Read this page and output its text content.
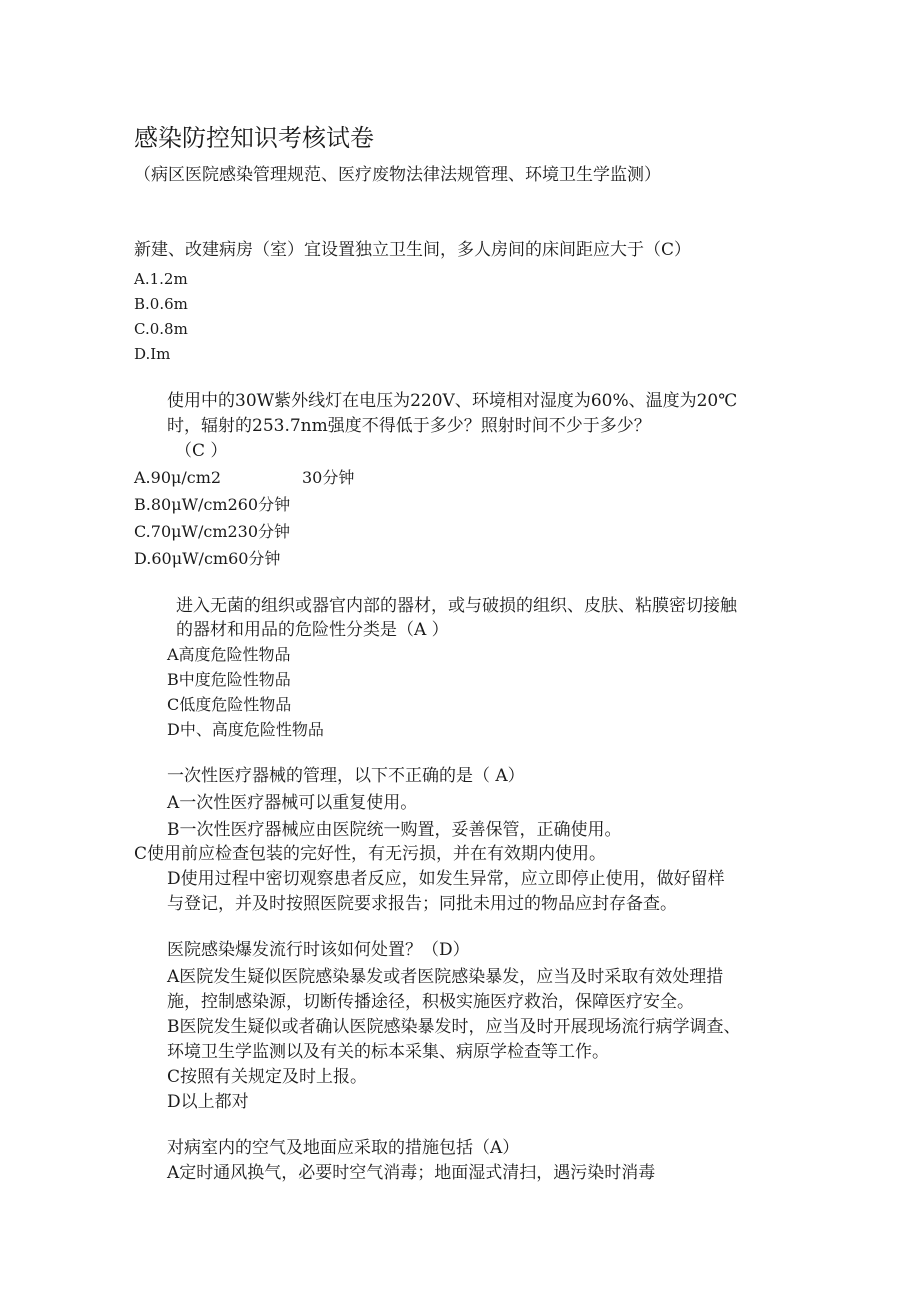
感染防控知识考核试卷
（病区医院感染管理规范、医疗废物法律法规管理、环境卫生学监测）
新建、改建病房（室）宜设置独立卫生间，多人房间的床间距应大于（C）
A.1.2m
B.0.6m
C.0.8m
D.Im
使用中的30W紫外线灯在电压为220V、环境相对湿度为60%、温度为20℃
时，辐射的253.7nm强度不得低于多少？照射时间不少于多少？
（C ）
A.90μ/cm2	30分钟
B.80μW/cm260分钟
C.70μW/cm230分钟
D.60μW/cm60分钟
进入无菌的组织或器官内部的器材，或与破损的组织、皮肤、粘膜密切接触
的器材和用品的危险性分类是（A ）
A高度危险性物品
B中度危险性物品
C低度危险性物品
D中、高度危险性物品
一次性医疗器械的管理，以下不正确的是（ A）
A一次性医疗器械可以重复使用。
B一次性医疗器械应由医院统一购置，妥善保管，正确使用。
C使用前应检查包装的完好性，有无污损，并在有效期内使用。
D使用过程中密切观察患者反应，如发生异常，应立即停止使用，做好留样
与登记，并及时按照医院要求报告；同批未用过的物品应封存备查。
医院感染爆发流行时该如何处置？（D）
A医院发生疑似医院感染暴发或者医院感染暴发，应当及时采取有效处理措
施，控制感染源，切断传播途径，积极实施医疗救治，保障医疗安全。
B医院发生疑似或者确认医院感染暴发时，应当及时开展现场流行病学调查、
环境卫生学监测以及有关的标本采集、病原学检查等工作。
C按照有关规定及时上报。
D以上都对
对病室内的空气及地面应采取的措施包括（A）
A定时通风换气，必要时空气消毒；地面湿式清扫，遇污染时消毒
